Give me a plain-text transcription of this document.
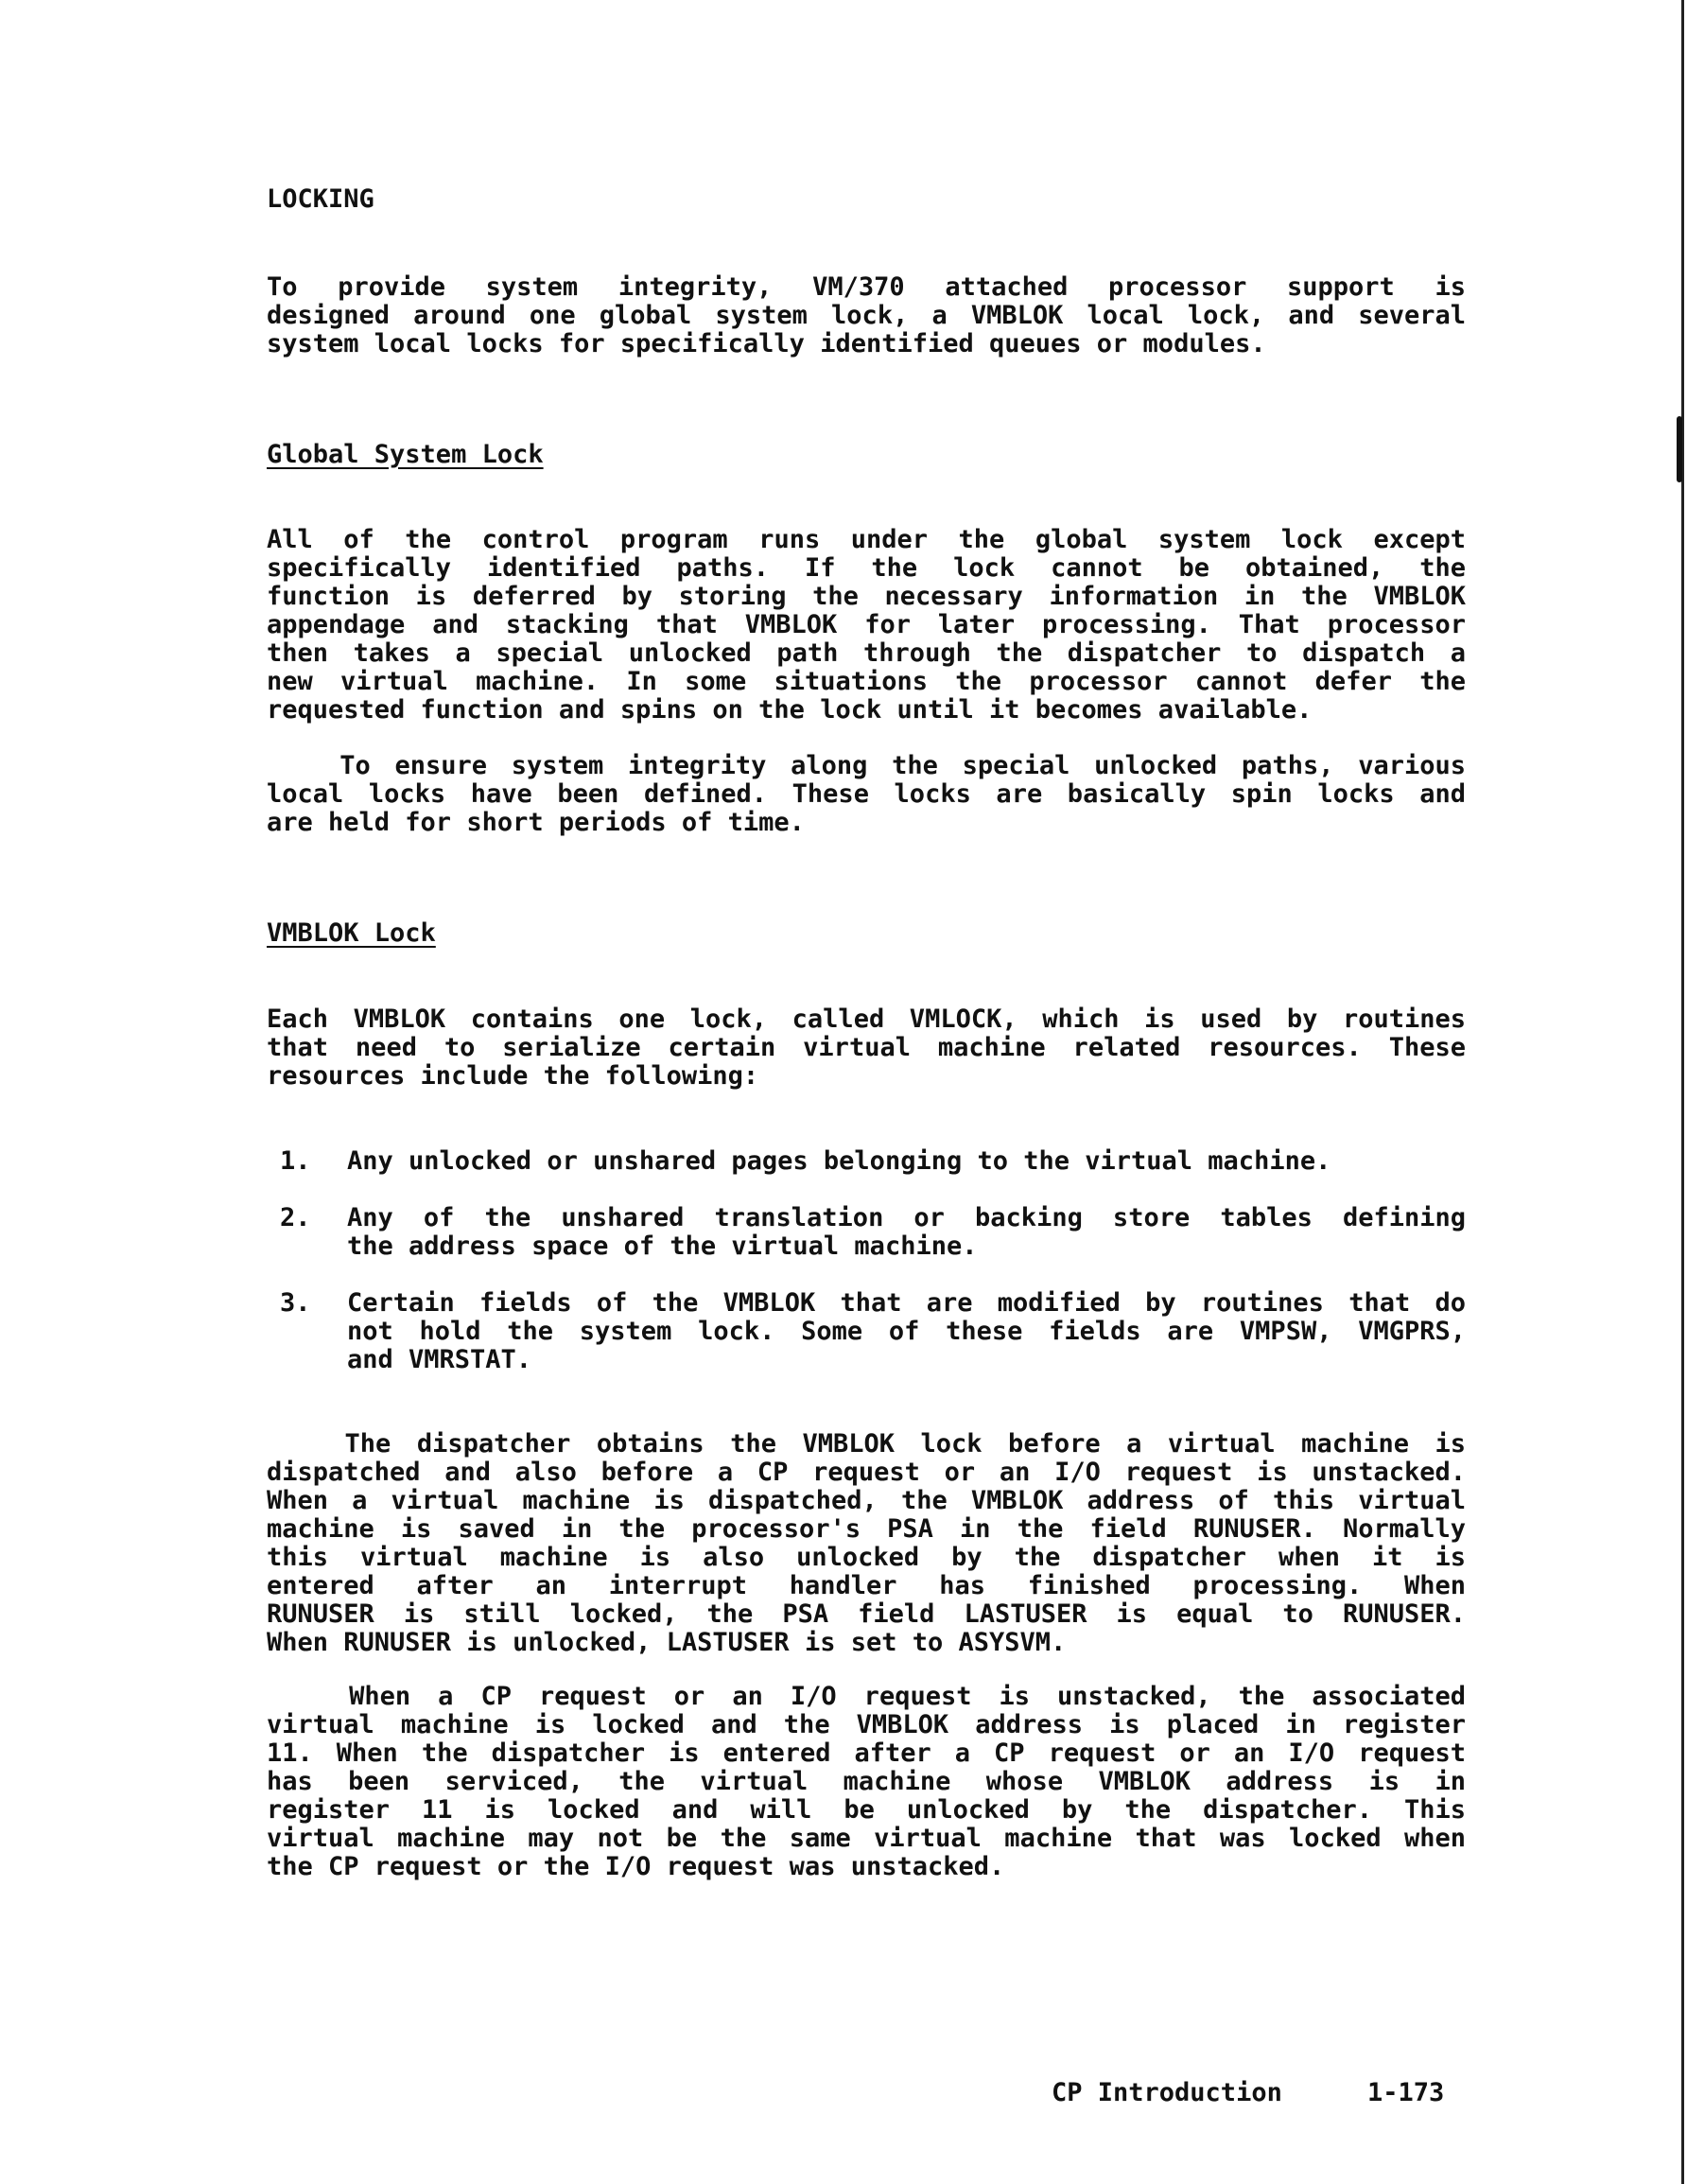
LOCKING
To provide system integrity, VM/370 attached processor support is
designed around one global system lock, a VMBLOK local lock, and several
system local locks for specifically identified queues or modules.
Global System Lock
All of the control program runs under the global system lock except
specifically identified paths. If the lock cannot be obtained, the
function is deferred by storing the necessary information in the VMBLOK
appendage and stacking that VMBLOK for later processing. That processor
then takes a special unlocked path through the dispatcher to dispatch a
new virtual machine. In some situations the processor cannot defer the
requested function and spins on the lock until it becomes available.
To ensure system integrity along the special unlocked paths, various
local locks have been defined. These locks are basically spin locks and
are held for short periods of time.
VMBLOK Lock
Each VMBLOK contains one lock, called VMLOCK, which is used by routines
that need to serialize certain virtual machine related resources. These
resources include the following:
1. Any unlocked or unshared pages belonging to the virtual machine.
2. Any of the unshared translation or backing store tables defining
the address space of the virtual machine.
3. Certain fields of the VMBLOK that are modified by routines that do
not hold the system lock. Some of these fields are VMPSW, VMGPRS,
and VMRSTAT.
The dispatcher obtains the VMBLOK lock before a virtual machine is
dispatched and also before a CP request or an I/O request is unstacked.
When a virtual machine is dispatched, the VMBLOK address of this virtual
machine is saved in the processor's PSA in the field RUNUSER. Normally
this virtual machine is also unlocked by the dispatcher when it is
entered after an interrupt handler has finished processing. When
RUNUSER is still locked, the PSA field LASTUSER is equal to RUNUSER.
When RUNUSER is unlocked, LASTUSER is set to ASYSVM.
When a CP request or an I/O request is unstacked, the associated
virtual machine is locked and the VMBLOK address is placed in register
11. When the dispatcher is entered after a CP request or an I/O request
has been serviced, the virtual machine whose VMBLOK address is in
register 11 is locked and will be unlocked by the dispatcher. This
virtual machine may not be the same virtual machine that was locked when
the CP request or the I/O request was unstacked.
CP Introduction	1-173
